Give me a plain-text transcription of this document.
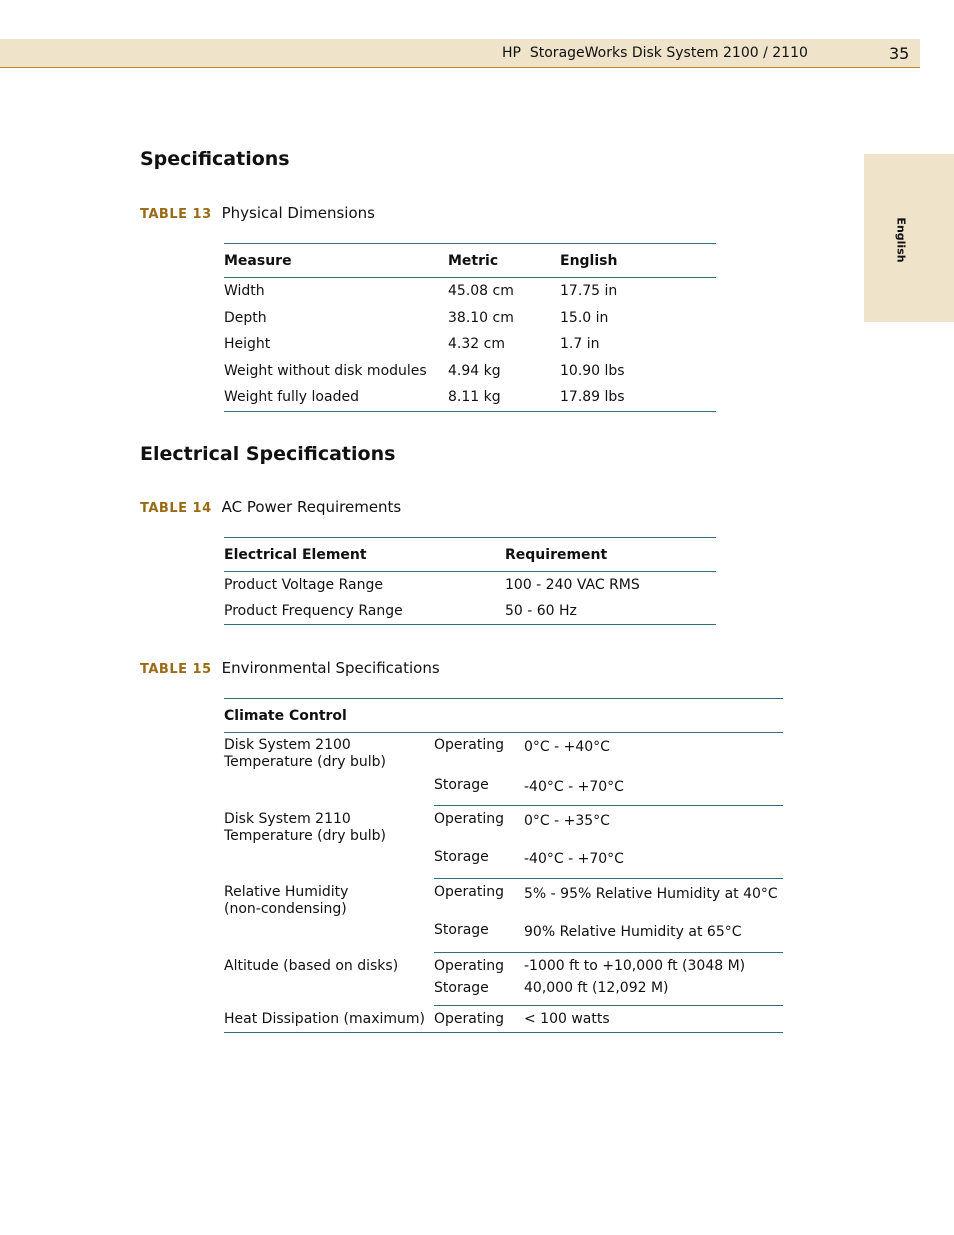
HP  StorageWorks Disk System 2100 / 2110	35
English
Specifications
TABLE 13 Physical Dimensions
Measure	Metric	English
Width	45.08 cm	17.75 in
Depth	38.10 cm	15.0 in
Height	4.32 cm	1.7 in
Weight without disk modules	4.94 kg	10.90 lbs
Weight fully loaded	8.11 kg	17.89 lbs
Electrical Specifications
TABLE 14 AC Power Requirements
Electrical Element	Requirement
Product Voltage Range	100 - 240 VAC RMS
Product Frequency Range	50 - 60 Hz
TABLE 15 Environmental Specifications
Climate Control		

Disk System 2100
Temperature (dry bulb)	Operating	0°C - +40°C
	Storage	-40°C - +70°C

Disk System 2110
Temperature (dry bulb)	Operating	0°C - +35°C
	Storage	-40°C - +70°C

Relative Humidity
(non-condensing)	Operating	5% - 95% Relative Humidity at 40°C
	Storage	90% Relative Humidity at 65°C

Altitude (based on disks)	Operating	-1000 ft to +10,000 ft (3048 M)
	Storage	40,000 ft (12,092 M)
Heat Dissipation (maximum)	Operating	< 100 watts
